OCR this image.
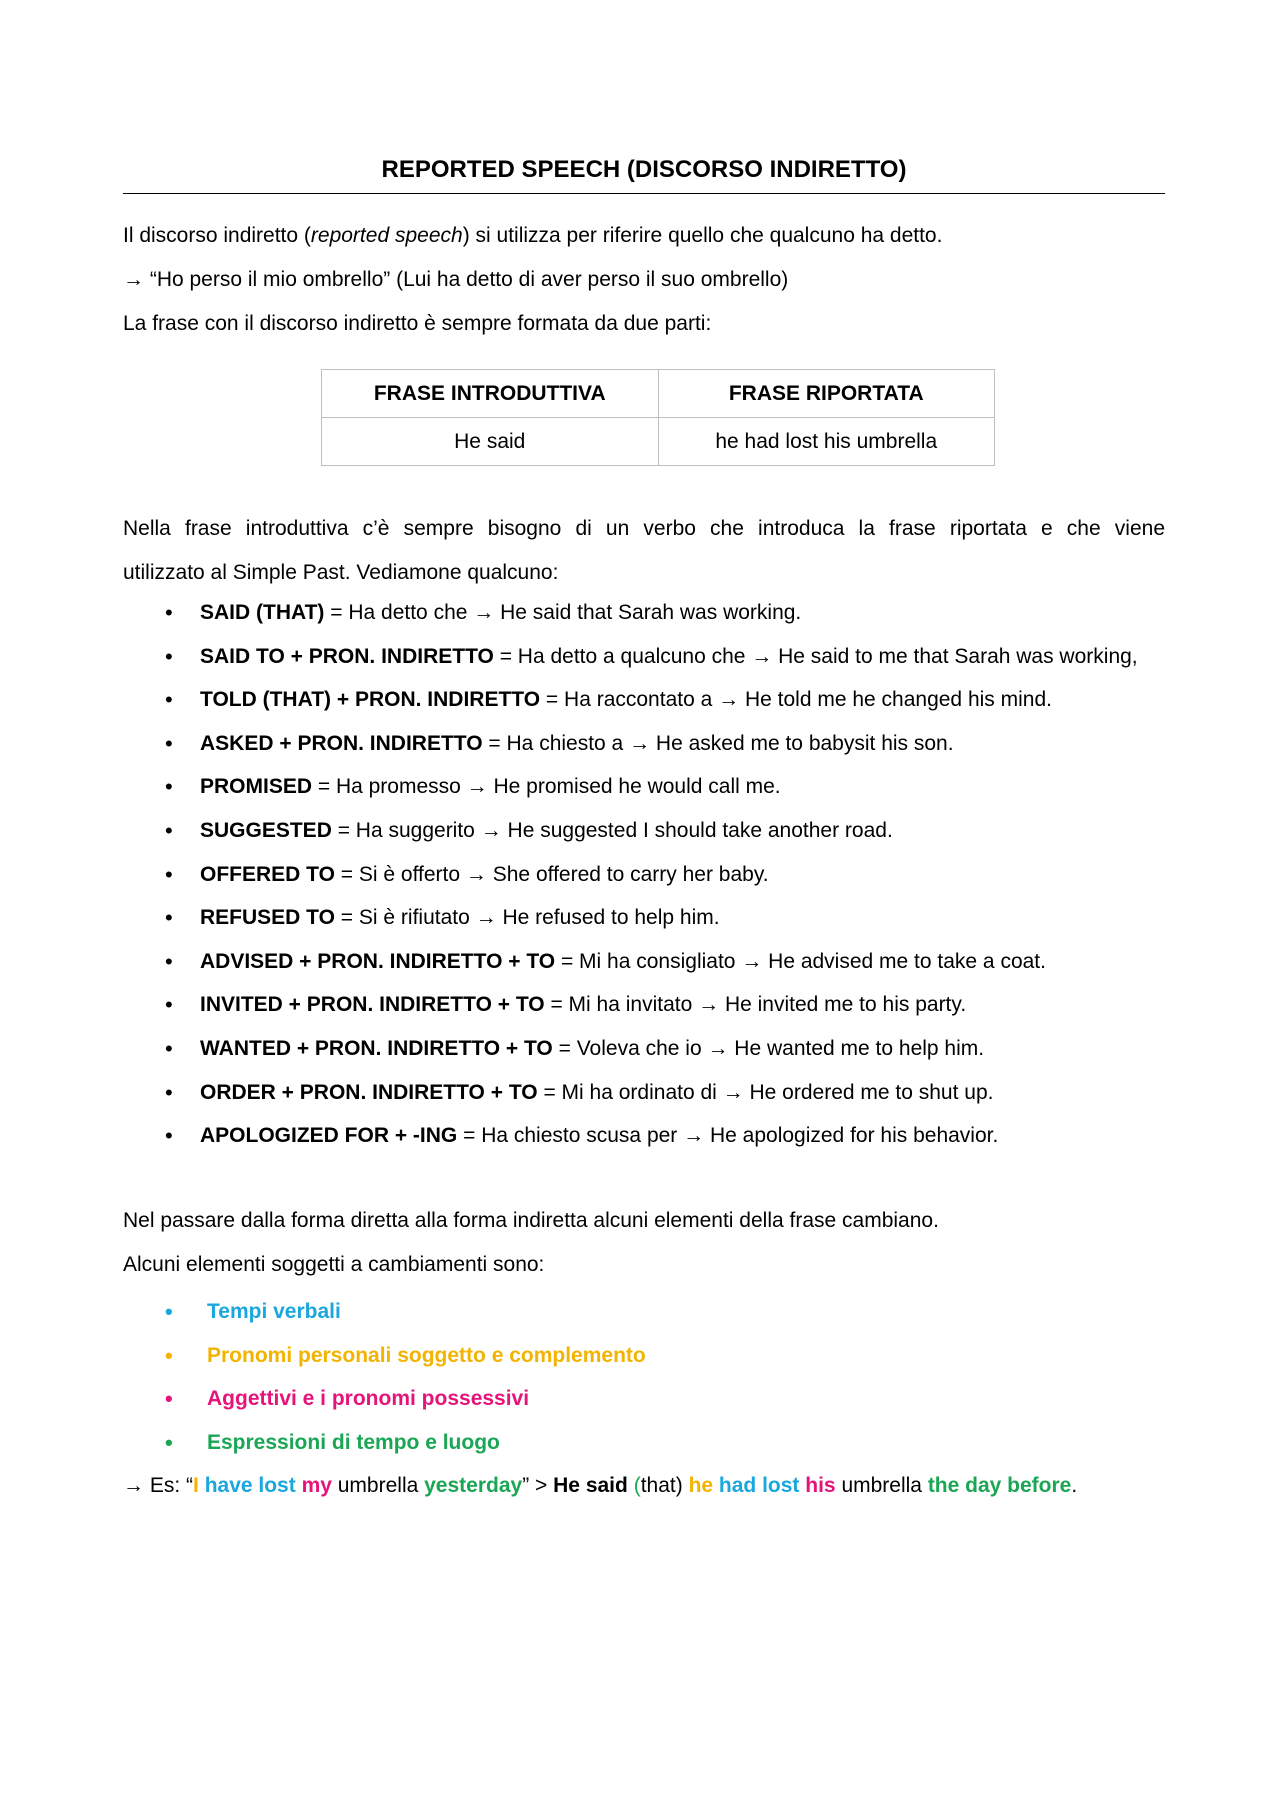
REPORTED SPEECH (DISCORSO INDIRETTO)
Il discorso indiretto (reported speech) si utilizza per riferire quello che qualcuno ha detto.
→ “Ho perso il mio ombrello” (Lui ha detto di aver perso il suo ombrello)
La frase con il discorso indiretto è sempre formata da due parti:
FRASE INTRODUTTIVA	FRASE RIPORTATA
He said	he had lost his umbrella
Nella frase introduttiva c’è sempre bisogno di un verbo che introduca la frase riportata e che viene
utilizzato al Simple Past. Vediamone qualcuno:
• SAID (THAT) = Ha detto che → He said that Sarah was working.
• SAID TO + PRON. INDIRETTO = Ha detto a qualcuno che → He said to me that Sarah was working,
• TOLD (THAT) + PRON. INDIRETTO = Ha raccontato a → He told me he changed his mind.
• ASKED + PRON. INDIRETTO = Ha chiesto a → He asked me to babysit his son.
• PROMISED = Ha promesso → He promised he would call me.
• SUGGESTED = Ha suggerito → He suggested I should take another road.
• OFFERED TO = Si è offerto → She offered to carry her baby.
• REFUSED TO = Si è rifiutato → He refused to help him.
• ADVISED + PRON. INDIRETTO + TO = Mi ha consigliato → He advised me to take a coat.
• INVITED + PRON. INDIRETTO + TO = Mi ha invitato → He invited me to his party.
• WANTED + PRON. INDIRETTO + TO = Voleva che io → He wanted me to help him.
• ORDER + PRON. INDIRETTO + TO = Mi ha ordinato di → He ordered me to shut up.
• APOLOGIZED FOR + -ING = Ha chiesto scusa per → He apologized for his behavior.
Nel passare dalla forma diretta alla forma indiretta alcuni elementi della frase cambiano.
Alcuni elementi soggetti a cambiamenti sono:
• Tempi verbali
• Pronomi personali soggetto e complemento
• Aggettivi e i pronomi possessivi
• Espressioni di tempo e luogo
→ Es: “I have lost my umbrella yesterday” > He said (that) he had lost his umbrella the day before.
